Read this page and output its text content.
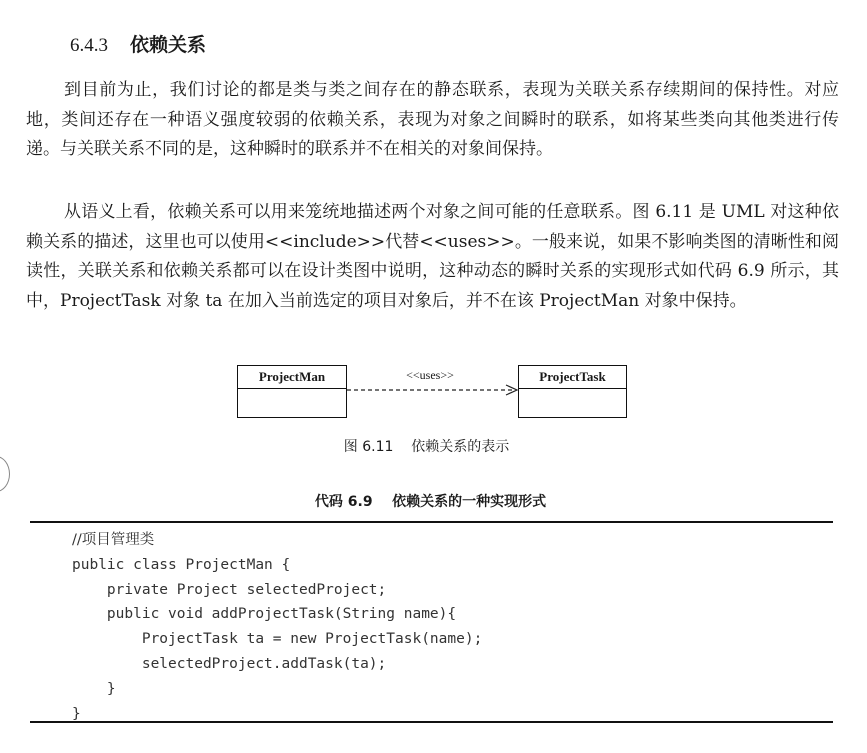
6.4.3 依赖关系

到目前为止，我们讨论的都是类与类之间存在的静态联系，表现为关联关系存续期间的保持性。对应地，类间还存在一种语义强度较弱的依赖关系，表现为对象之间瞬时的联系，如将某些类向其他类进行传递。与关联关系不同的是，这种瞬时的联系并不在相关的对象间保持。

从语义上看，依赖关系可以用来笼统地描述两个对象之间可能的任意联系。图 6.11 是 UML 对这种依赖关系的描述，这里也可以使用<<include>>代替<<uses>>。一般来说，如果不影响类图的清晰性和阅读性，关联关系和依赖关系都可以在设计类图中说明，这种动态的瞬时关系的实现形式如代码 6.9 所示，其中，ProjectTask 对象 ta 在加入当前选定的项目对象后，并不在该 ProjectMan 对象中保持。

ProjectMan	ProjectTask
<<uses>>
图 6.11    依赖关系的表示
代码 6.9    依赖关系的一种实现形式
//项目管理类
public class ProjectMan {
private Project selectedProject;
public void addProjectTask(String name){
ProjectTask ta = new ProjectTask(name);
selectedProject.addTask(ta);
}
}
